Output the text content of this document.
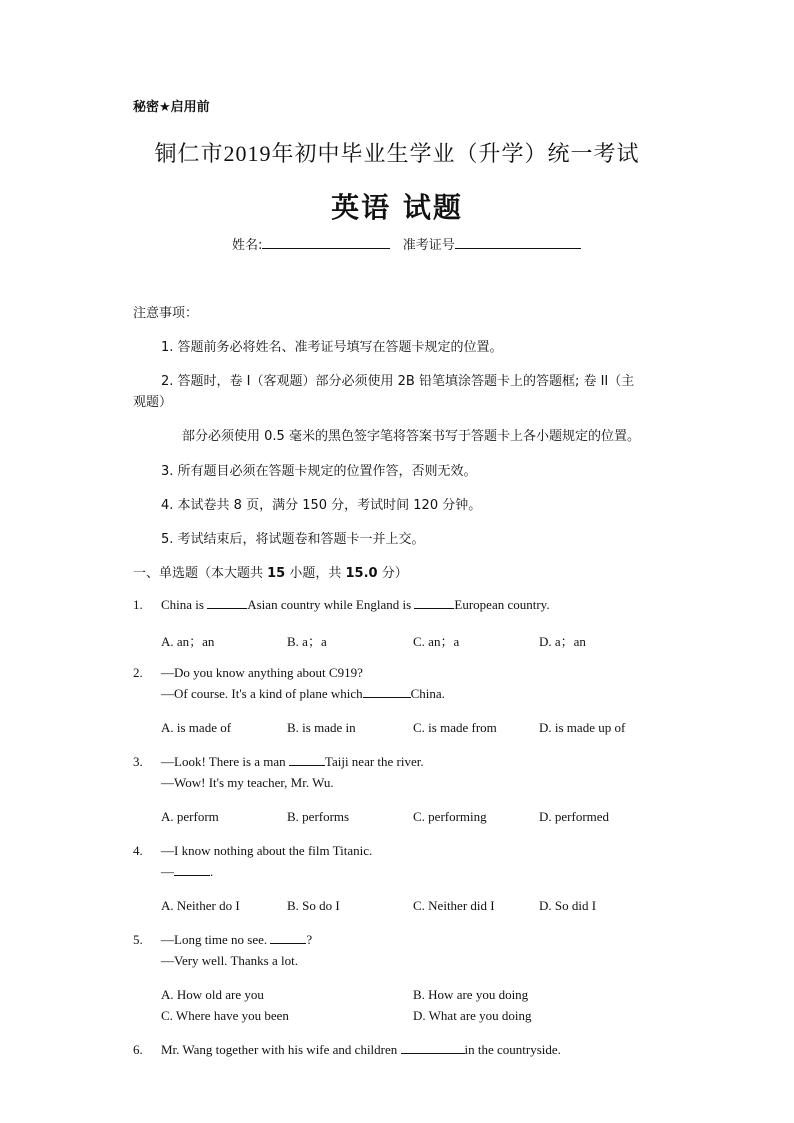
秘密★启用前
铜仁市2019年初中毕业生学业（升学）统一考试
英语 试题
姓名:	准考证号
注意事项：
1. 答题前务必将姓名、准考证号填写在答题卡规定的位置。
2. 答题时，卷 I（客观题）部分必须使用 2B 铅笔填涂答题卡上的答题框; 卷 II（主
观题）
部分必须使用 0.5 毫米的黑色签字笔将答案书写于答题卡上各小题规定的位置。
3. 所有题目必须在答题卡规定的位置作答，否则无效。
4. 本试卷共 8 页，满分 150 分，考试时间 120 分钟。
5. 考试结束后，将试题卷和答题卡一并上交。
一、单选题（本大题共 15 小题，共 15.0 分）
1. China is	Asian country while England is	European country.
A. an；an	B. a；a	C. an；a	D. a；an
2. —Do you know anything about C919?
—Of course. It's a kind of plane which	China.
A. is made of	B. is made in	C. is made from	D. is made up of
3. —Look! There is a man	Taiji near the river.
—Wow! It's my teacher, Mr. Wu.
A. perform	B. performs	C. performing	D. performed
4. —I know nothing about the film Titanic.
—	.
A. Neither do I	B. So do I	C. Neither did I	D. So did I
5. —Long time no see.	?
—Very well. Thanks a lot.
A. How old are you	B. How are you doing
C. Where have you been	D. What are you doing
6. Mr. Wang together with his wife and children	in the countryside.
